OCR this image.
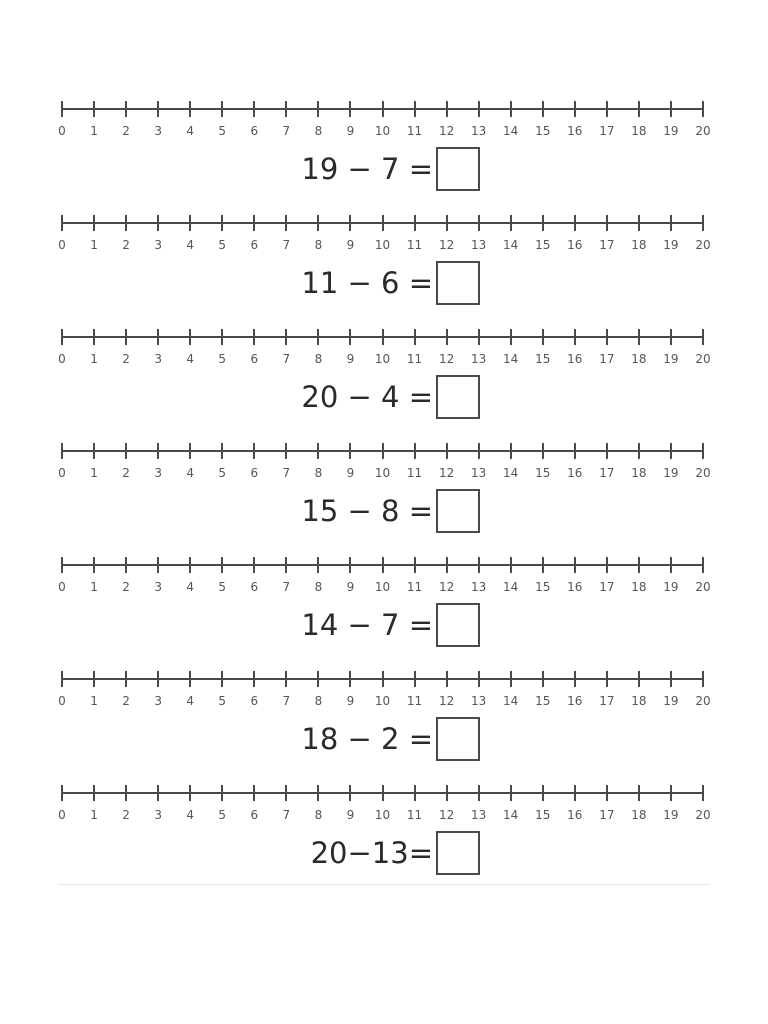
0	1	2	3	4	5	6	7	8	9	10	11	12	13	14	15	16	17	18	19	20
19 − 7 =
0	1	2	3	4	5	6	7	8	9	10	11	12	13	14	15	16	17	18	19	20
11 − 6 =
0	1	2	3	4	5	6	7	8	9	10	11	12	13	14	15	16	17	18	19	20
20 − 4 =
0	1	2	3	4	5	6	7	8	9	10	11	12	13	14	15	16	17	18	19	20
15 − 8 =
0	1	2	3	4	5	6	7	8	9	10	11	12	13	14	15	16	17	18	19	20
14 − 7 =
0	1	2	3	4	5	6	7	8	9	10	11	12	13	14	15	16	17	18	19	20
18 − 2 =
0	1	2	3	4	5	6	7	8	9	10	11	12	13	14	15	16	17	18	19	20
20−13=
